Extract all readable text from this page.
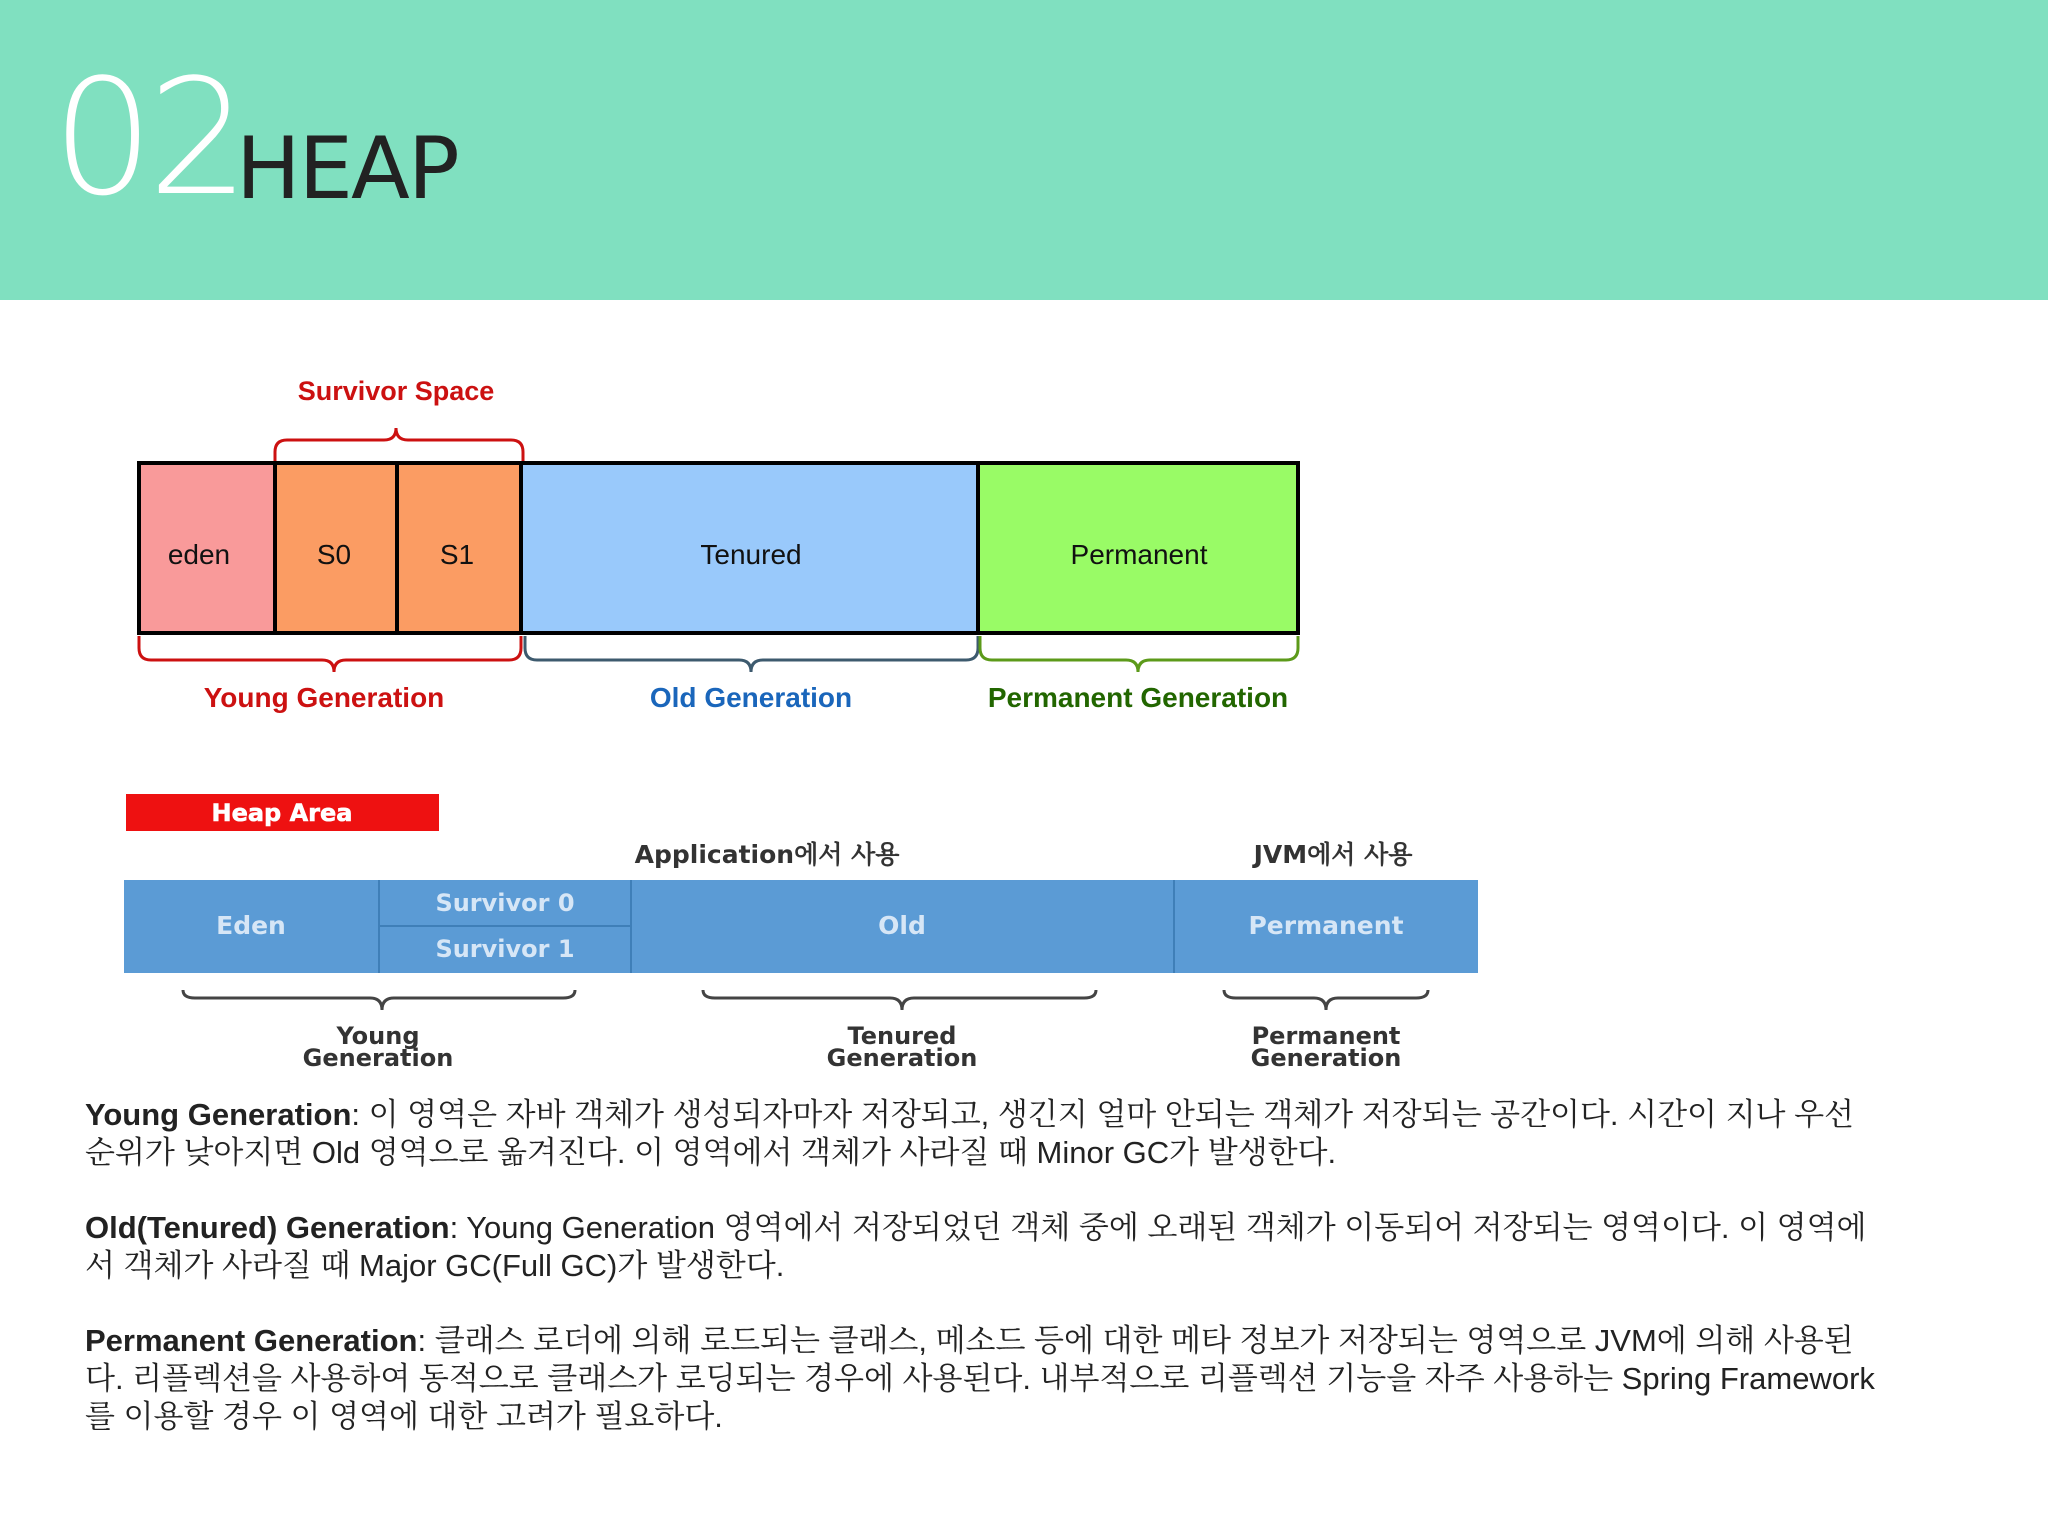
02
HEAP
Survivor Space
eden	S0	S1	Tenured	Permanent
Young Generation	Old Generation	Permanent Generation
Heap Area
Application에서 사용	JVM에서 사용
Eden
Survivor 0
Survivor 1
Old	Permanent
Young
Generation
Tenured
Generation
Permanent
Generation

Young Generation: 이 영역은 자바 객체가 생성되자마자 저장되고, 생긴지 얼마 안되는 객체가 저장되는 공간이다. 시간이 지나 우선순위가 낮아지면 Old 영역으로 옮겨진다. 이 영역에서 객체가 사라질 때 Minor GC가 발생한다.

Old(Tenured) Generation: Young Generation 영역에서 저장되었던 객체 중에 오래된 객체가 이동되어 저장되는 영역이다. 이 영역에서 객체가 사라질 때 Major GC(Full GC)가 발생한다.

Permanent Generation: 클래스 로더에 의해 로드되는 클래스, 메소드 등에 대한 메타 정보가 저장되는 영역으로 JVM에 의해 사용된다. 리플렉션을 사용하여 동적으로 클래스가 로딩되는 경우에 사용된다. 내부적으로 리플렉션 기능을 자주 사용하는 Spring Framework를 이용할 경우 이 영역에 대한 고려가 필요하다.
